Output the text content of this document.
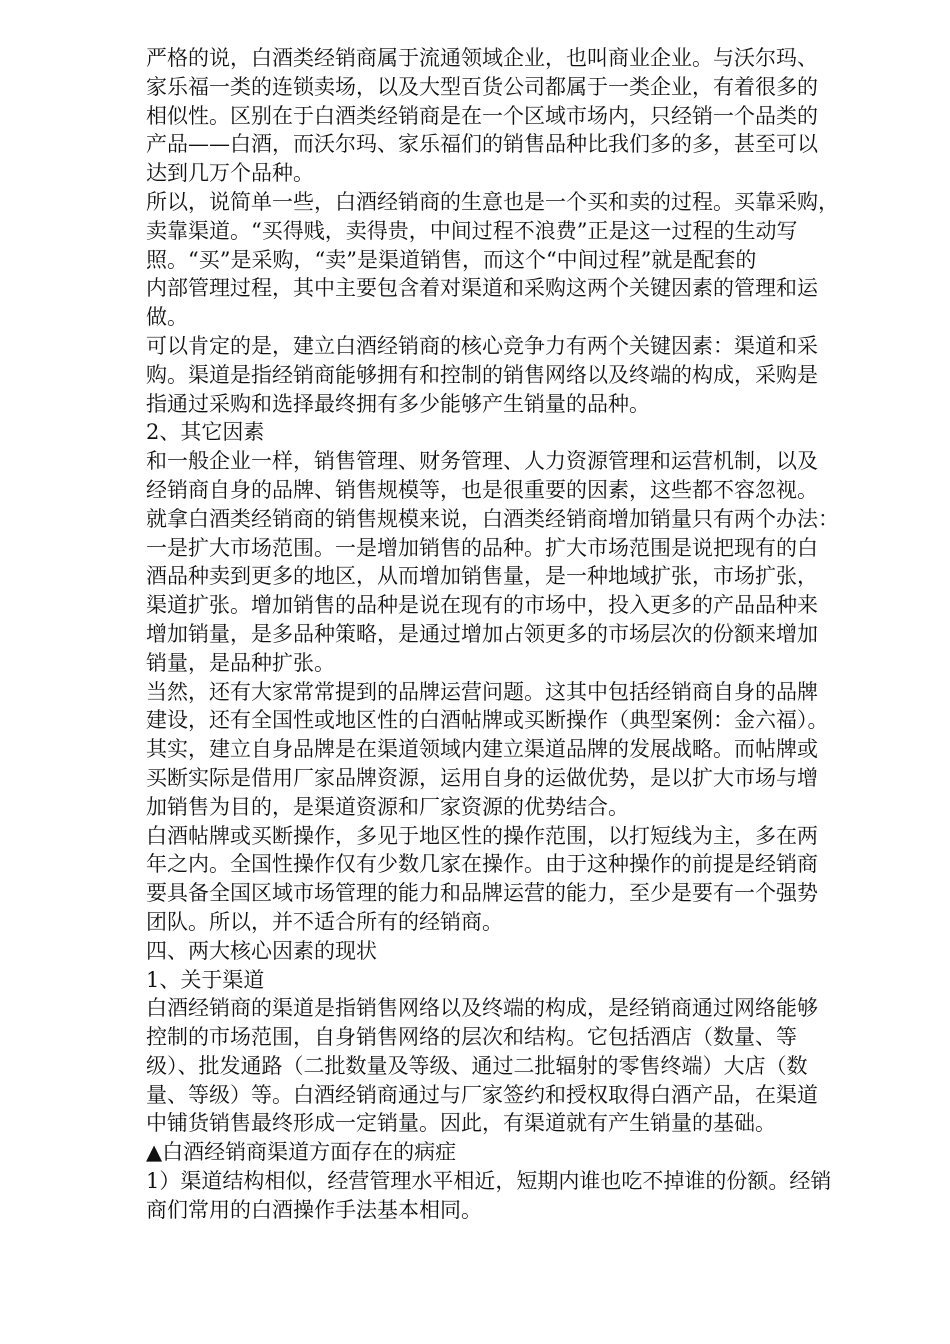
严格的说，白酒类经销商属于流通领域企业，也叫商业企业。与沃尔玛、
家乐福一类的连锁卖场，以及大型百货公司都属于一类企业，有着很多的
相似性。区别在于白酒类经销商是在一个区域市场内，只经销一个品类的
产品——白酒，而沃尔玛、家乐福们的销售品种比我们多的多，甚至可以
达到几万个品种。
所以，说简单一些，白酒经销商的生意也是一个买和卖的过程。买靠采购，
卖靠渠道。“买得贱，卖得贵，中间过程不浪费”正是这一过程的生动写
照。“买”是采购，“卖”是渠道销售，而这个“中间过程”就是配套的
内部管理过程，其中主要包含着对渠道和采购这两个关键因素的管理和运
做。
可以肯定的是，建立白酒经销商的核心竞争力有两个关键因素：渠道和采
购。渠道是指经销商能够拥有和控制的销售网络以及终端的构成，采购是
指通过采购和选择最终拥有多少能够产生销量的品种。
2、其它因素
和一般企业一样，销售管理、财务管理、人力资源管理和运营机制，以及
经销商自身的品牌、销售规模等，也是很重要的因素，这些都不容忽视。
就拿白酒类经销商的销售规模来说，白酒类经销商增加销量只有两个办法：
一是扩大市场范围。一是增加销售的品种。扩大市场范围是说把现有的白
酒品种卖到更多的地区，从而增加销售量，是一种地域扩张，市场扩张，
渠道扩张。增加销售的品种是说在现有的市场中，投入更多的产品品种来
增加销量，是多品种策略，是通过增加占领更多的市场层次的份额来增加
销量，是品种扩张。
当然，还有大家常常提到的品牌运营问题。这其中包括经销商自身的品牌
建设，还有全国性或地区性的白酒帖牌或买断操作（典型案例：金六福）。
其实，建立自身品牌是在渠道领域内建立渠道品牌的发展战略。而帖牌或
买断实际是借用厂家品牌资源，运用自身的运做优势，是以扩大市场与增
加销售为目的，是渠道资源和厂家资源的优势结合。
白酒帖牌或买断操作，多见于地区性的操作范围，以打短线为主，多在两
年之内。全国性操作仅有少数几家在操作。由于这种操作的前提是经销商
要具备全国区域市场管理的能力和品牌运营的能力，至少是要有一个强势
团队。所以，并不适合所有的经销商。
四、两大核心因素的现状
1、关于渠道
白酒经销商的渠道是指销售网络以及终端的构成，是经销商通过网络能够
控制的市场范围，自身销售网络的层次和结构。它包括酒店（数量、等
级）、批发通路（二批数量及等级、通过二批辐射的零售终端）大店（数
量、等级）等。白酒经销商通过与厂家签约和授权取得白酒产品，在渠道
中铺货销售最终形成一定销量。因此，有渠道就有产生销量的基础。
▲白酒经销商渠道方面存在的病症
1）渠道结构相似，经营管理水平相近，短期内谁也吃不掉谁的份额。经销
商们常用的白酒操作手法基本相同。
